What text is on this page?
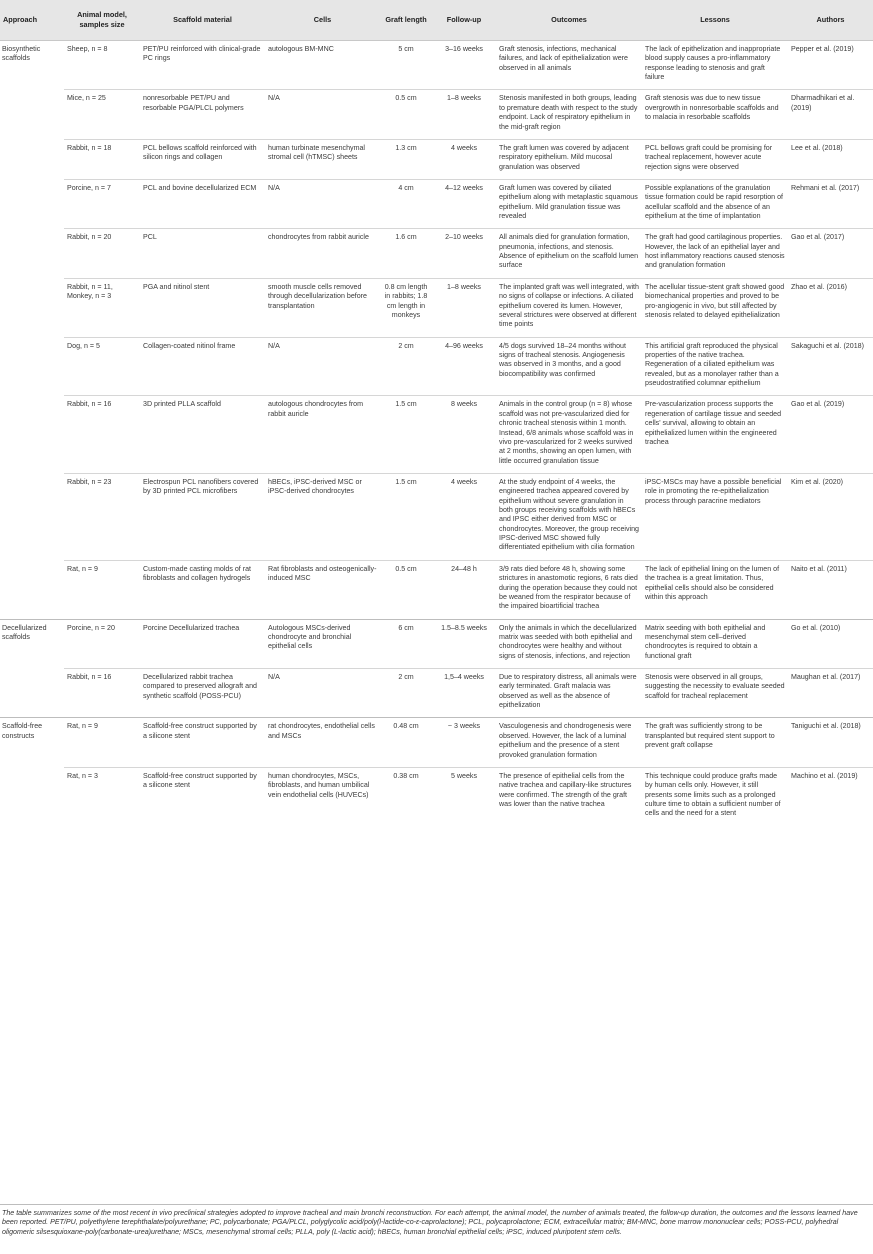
Approach	Animal model, samples size	Scaffold material	Cells	Graft length	Follow-up	Outcomes	Lessons	Authors
Biosynthetic scaffolds	Sheep, n = 8	PET/PU reinforced with clinical-grade PC rings	autologous BM-MNC	5 cm	3–16 weeks	Graft stenosis, infections, mechanical failures, and lack of epithelialization were observed in all animals	The lack of epithelization and inappropriate blood supply causes a pro-inflammatory response leading to stenosis and graft failure	Pepper et al. (2019)
	Mice, n = 25	nonresorbable PET/PU and resorbable PGA/PLCL polymers	N/A	0.5 cm	1–8 weeks	Stenosis manifested in both groups, leading to premature death with respect to the study endpoint. Lack of respiratory epithelium in the mid-graft region	Graft stenosis was due to new tissue overgrowth in nonresorbable scaffolds and to malacia in resorbable scaffolds	Dharmadhikari et al. (2019)
	Rabbit, n = 18	PCL bellows scaffold reinforced with silicon rings and collagen	human turbinate mesenchymal stromal cell (hTMSC) sheets	1.3 cm	4 weeks	The graft lumen was covered by adjacent respiratory epithelium. Mild mucosal granulation was observed	PCL bellows graft could be promising for tracheal replacement, however acute rejection signs were observed	Lee et al. (2018)
	Porcine, n = 7	PCL and bovine decellularized ECM	N/A	4 cm	4–12 weeks	Graft lumen was covered by ciliated epithelium along with metaplastic squamous epithelium. Mild granulation tissue was revealed	Possible explanations of the granulation tissue formation could be rapid resorption of acellular scaffold and the absence of an epithelium at the time of implantation	Rehmani et al. (2017)
	Rabbit, n = 20	PCL	chondrocytes from rabbit auricle	1.6 cm	2–10 weeks	All animals died for granulation formation, pneumonia, infections, and stenosis. Absence of epithelium on the scaffold lumen surface	The graft had good cartilaginous properties. However, the lack of an epithelial layer and host inflammatory reactions caused stenosis and granulation formation	Gao et al. (2017)
	Rabbit, n = 11, Monkey, n = 3	PGA and nitinol stent	smooth muscle cells removed through decellularization before transplantation	0.8 cm length in rabbits; 1.8 cm length in monkeys	1–8 weeks	The implanted graft was well integrated, with no signs of collapse or infections. A ciliated epithelium covered its lumen. However, several strictures were observed at different time points	The acellular tissue-stent graft showed good biomechanical properties and proved to be pro-angiogenic in vivo, but still affected by stenosis related to delayed epithelialization	Zhao et al. (2016)
	Dog, n = 5	Collagen-coated nitinol frame	N/A	2 cm	4–96 weeks	4/5 dogs survived 18–24 months without signs of tracheal stenosis. Angiogenesis was observed in 3 months, and a good biocompatibility was confirmed	This artificial graft reproduced the physical properties of the native trachea. Regeneration of a ciliated epithelium was revealed, but as a monolayer rather than a pseudostratified columnar epithelium	Sakaguchi et al. (2018)
	Rabbit, n = 16	3D printed PLLA scaffold	autologous chondrocytes from rabbit auricle	1.5 cm	8 weeks	Animals in the control group (n = 8) whose scaffold was not pre-vascularized died for chronic tracheal stenosis within 1 month. Instead, 6/8 animals whose scaffold was in vivo pre-vascularized for 2 weeks survived at 2 months, showing an open lumen, with little occurred granulation tissue	Pre-vascularization process supports the regeneration of cartilage tissue and seeded cells' survival, allowing to obtain an epithelialized lumen within the engineered trachea	Gao et al. (2019)
	Rabbit, n = 23	Electrospun PCL nanofibers covered by 3D printed PCL microfibers	hBECs, iPSC-derived MSC or iPSC-derived chondrocytes	1.5 cm	4 weeks	At the study endpoint of 4 weeks, the engineered trachea appeared covered by epithelium without severe granulation in both groups receiving scaffolds with hBECs and IPSC either derived from MSC or chondrocytes. Moreover, the group receiving IPSC-derived MSC showed fully differentiated epithelium with cilia formation	iPSC-MSCs may have a possible beneficial role in promoting the re-epithelialization process through paracrine mediators	Kim et al. (2020)
	Rat, n = 9	Custom-made casting molds of rat fibroblasts and collagen hydrogels	Rat fibroblasts and osteogenically-induced MSC	0.5 cm	24–48 h	3/9 rats died before 48 h, showing some strictures in anastomotic regions, 6 rats died during the operation because they could not be weaned from the respirator because of the impaired bioartificial trachea	The lack of epithelial lining on the lumen of the trachea is a great limitation. Thus, epithelial cells should also be considered within this approach	Naito et al. (2011)
Decellularized scaffolds	Porcine, n = 20	Porcine Decellularized trachea	Autologous MSCs-derived chondrocyte and bronchial epithelial cells	6 cm	1.5–8.5 weeks	Only the animals in which the decellularized matrix was seeded with both epithelial and chondrocytes were healthy and without signs of stenosis, infections, and rejection	Matrix seeding with both epithelial and mesenchymal stem cell–derived chondrocytes is required to obtain a functional graft	Go et al. (2010)
	Rabbit, n = 16	Decellularized rabbit trachea compared to preserved allograft and synthetic scaffold (POSS-PCU)	N/A	2 cm	1,5–4 weeks	Due to respiratory distress, all animals were early terminated. Graft malacia was observed as well as the absence of epithelization	Stenosis were observed in all groups, suggesting the necessity to evaluate seeded scaffold for tracheal replacement	Maughan et al. (2017)
Scaffold-free constructs	Rat, n = 9	Scaffold-free construct supported by a silicone stent	rat chondrocytes, endothelial cells and MSCs	0.48 cm	~ 3 weeks	Vasculogenesis and chondrogenesis were observed. However, the lack of a luminal epithelium and the presence of a stent provoked granulation formation	The graft was sufficiently strong to be transplanted but required stent support to prevent graft collapse	Taniguchi et al. (2018)
	Rat, n = 3	Scaffold-free construct supported by a silicone stent	human chondrocytes, MSCs, fibroblasts, and human umbilical vein endothelial cells (HUVECs)	0.38 cm	5 weeks	The presence of epithelial cells from the native trachea and capillary-like structures were confirmed. The strength of the graft was lower than the native trachea	This technique could produce grafts made by human cells only. However, it still presents some limits such as a prolonged culture time to obtain a sufficient number of cells and the need for a stent	Machino et al. (2019)
The table summarizes some of the most recent in vivo preclinical strategies adopted to improve tracheal and main bronchi reconstruction. For each attempt, the animal model, the number of animals treated, the follow-up duration, the outcomes and the lessons learned have been reported. PET/PU, polyethylene terephthalate/polyurethane; PC, polycarbonate; PGA/PLCL, polyglycolic acid/poly(l-lactide-co-ε-caprolactone); PCL, polycaprolactone; ECM, extracellular matrix; BM-MNC, bone marrow mononuclear cells; POSS-PCU, polyhedral oligomeric silsesquioxane-poly(carbonate-urea)urethane; MSCs, mesenchymal stromal cells; PLLA, poly (L-lactic acid); hBECs, human bronchial epithelial cells; iPSC, induced pluripotent stem cells.
